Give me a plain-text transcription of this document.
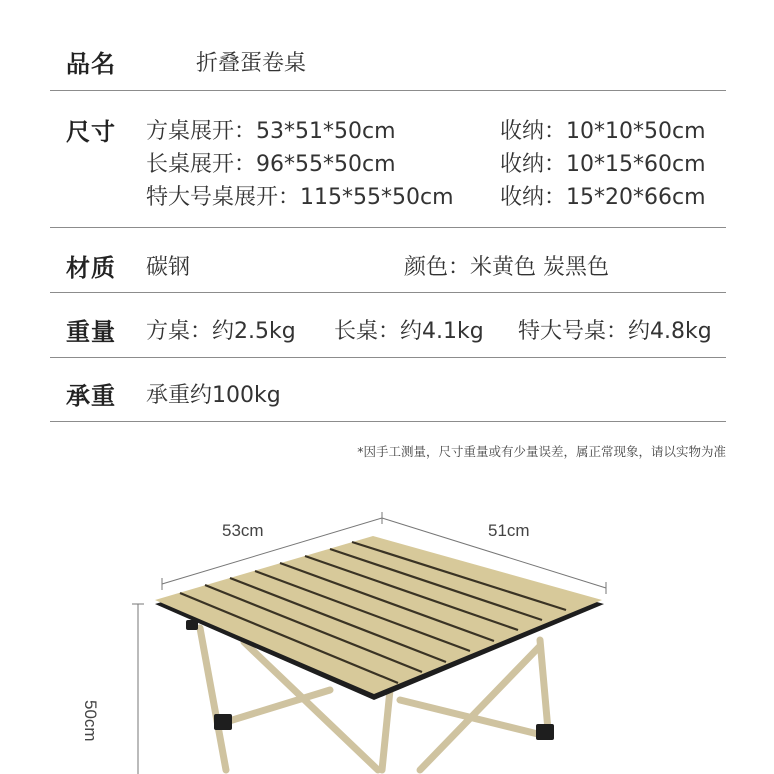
品名	折叠蛋卷桌
尺寸 方桌展开：53*51*50cm	收纳：10*10*50cm
长桌展开：96*55*50cm	收纳：10*15*60cm
特大号桌展开：115*55*50cm 收纳：15*20*66cm
材质 碳钢	颜色：米黄色 炭黑色
重量 方桌：约2.5kg 长桌：约4.1kg 特大号桌：约4.8kg
承重 承重约100kg
*因手工测量，尺寸重量或有少量误差，属正常现象，请以实物为准
53cm	51cm
50cm
